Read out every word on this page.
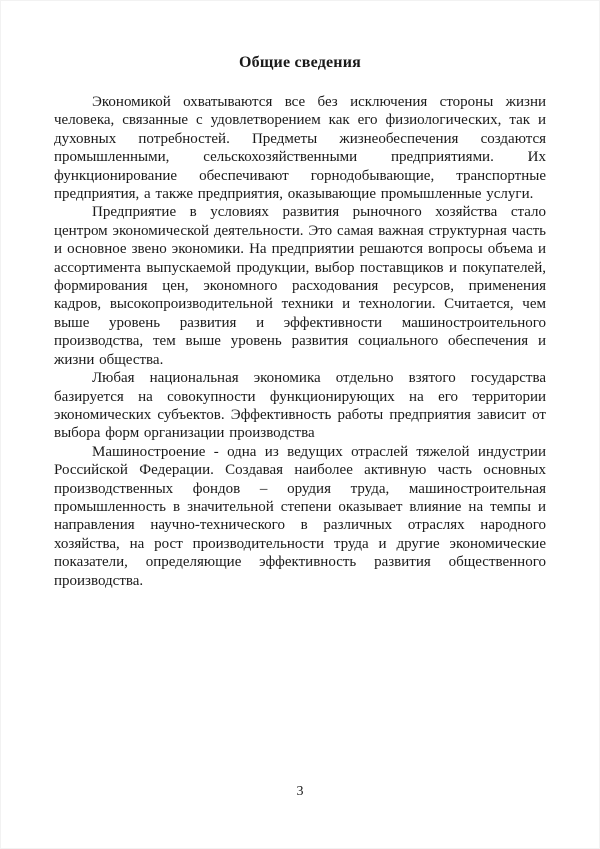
Общие сведения

Экономикой охватываются все без исключения стороны жизни человека, связанные с удовлетворением как его физиологических, так и духовных потребностей. Предметы жизнеобеспечения создаются промышленными, сельскохозяйственными предприятиями. Их функционирование обеспечивают горнодобывающие, транспортные предприятия, а также предприятия, оказывающие промышленные услуги.

Предприятие в условиях развития рыночного хозяйства стало центром экономической деятельности. Это самая важная структурная часть и основное звено экономики. На предприятии решаются вопросы объема и ассортимента выпускаемой продукции, выбор поставщиков и покупателей, формирования цен, экономного расходования ресурсов, применения кадров, высокопроизводительной техники и технологии. Считается, чем выше уровень развития и эффективности машиностроительного производства, тем выше уровень развития социального обеспечения и жизни общества.

Любая национальная экономика отдельно взятого государства базируется на совокупности функционирующих на его территории экономических субъектов. Эффективность работы предприятия зависит от выбора форм организации производства

Машиностроение - одна из ведущих отраслей тяжелой индустрии Российской Федерации. Создавая наиболее активную часть основных производственных фондов – орудия труда, машиностроительная промышленность в значительной степени оказывает влияние на темпы и направления научно-технического в различных отраслях народного хозяйства, на рост производительности труда и другие экономические показатели, определяющие эффективность развития общественного производства.

3
